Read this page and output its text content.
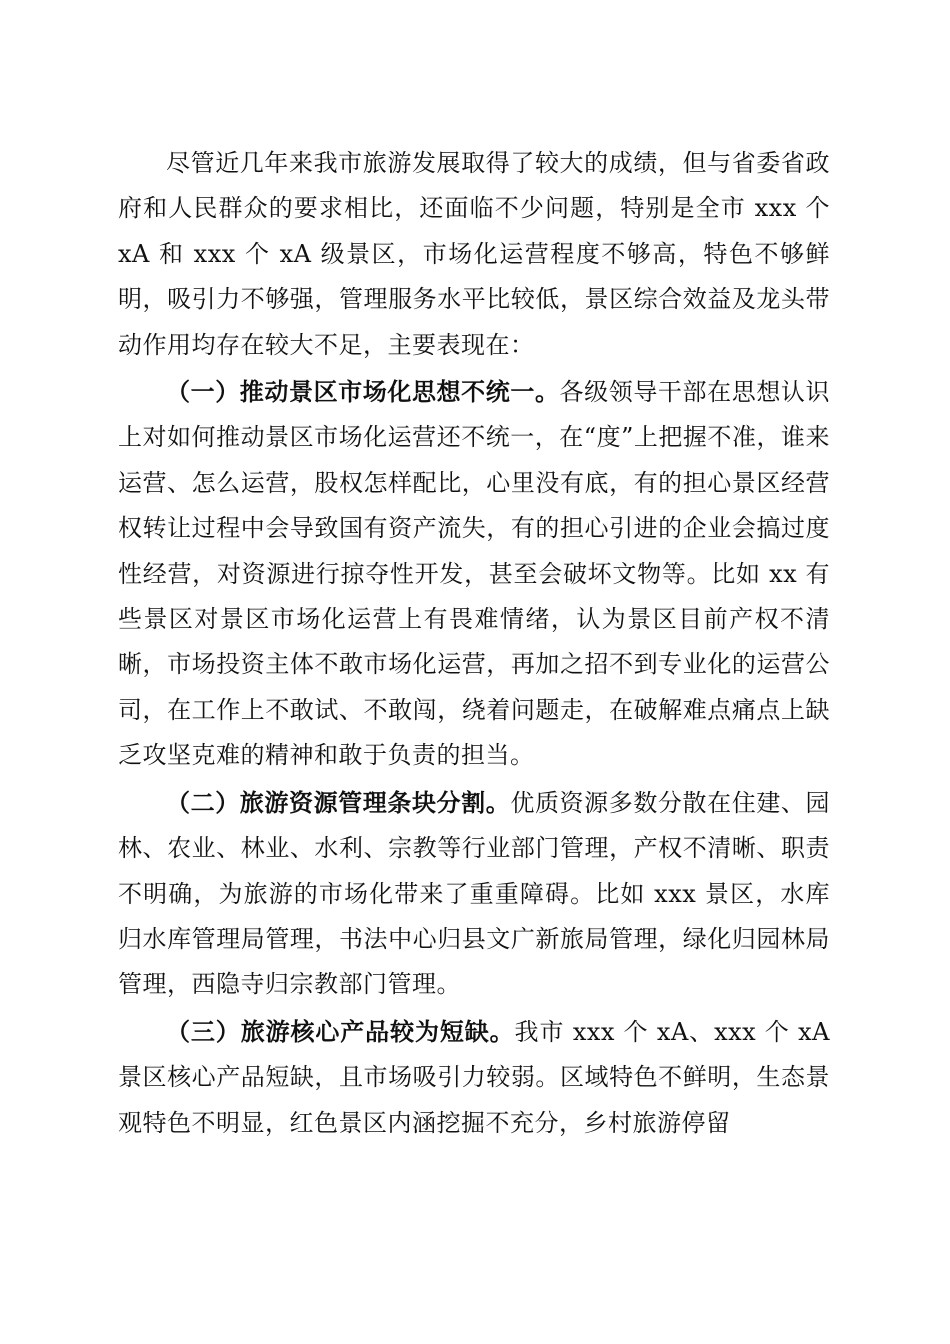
尽管近几年来我市旅游发展取得了较大的成绩，但与省委省政府和人民群众的要求相比，还面临不少问题，特别是全市 xxx 个 xA 和 xxx 个 xA 级景区，市场化运营程度不够高，特色不够鲜明，吸引力不够强，管理服务水平比较低，景区综合效益及龙头带动作用均存在较大不足，主要表现在：

（一）推动景区市场化思想不统一。各级领导干部在思想认识上对如何推动景区市场化运营还不统一，在“度”上把握不准，谁来运营、怎么运营，股权怎样配比，心里没有底，有的担心景区经营权转让过程中会导致国有资产流失，有的担心引进的企业会搞过度性经营，对资源进行掠夺性开发，甚至会破坏文物等。比如 xx 有些景区对景区市场化运营上有畏难情绪，认为景区目前产权不清晰，市场投资主体不敢市场化运营，再加之招不到专业化的运营公司，在工作上不敢试、不敢闯，绕着问题走，在破解难点痛点上缺乏攻坚克难的精神和敢于负责的担当。

（二）旅游资源管理条块分割。优质资源多数分散在住建、园林、农业、林业、水利、宗教等行业部门管理，产权不清晰、职责不明确，为旅游的市场化带来了重重障碍。比如 xxx 景区，水库归水库管理局管理，书法中心归县文广新旅局管理，绿化归园林局管理，西隐寺归宗教部门管理。

（三）旅游核心产品较为短缺。我市 xxx 个 xA、xxx 个 xA 景区核心产品短缺，且市场吸引力较弱。区域特色不鲜明，生态景观特色不明显，红色景区内涵挖掘不充分，乡村旅游停留
